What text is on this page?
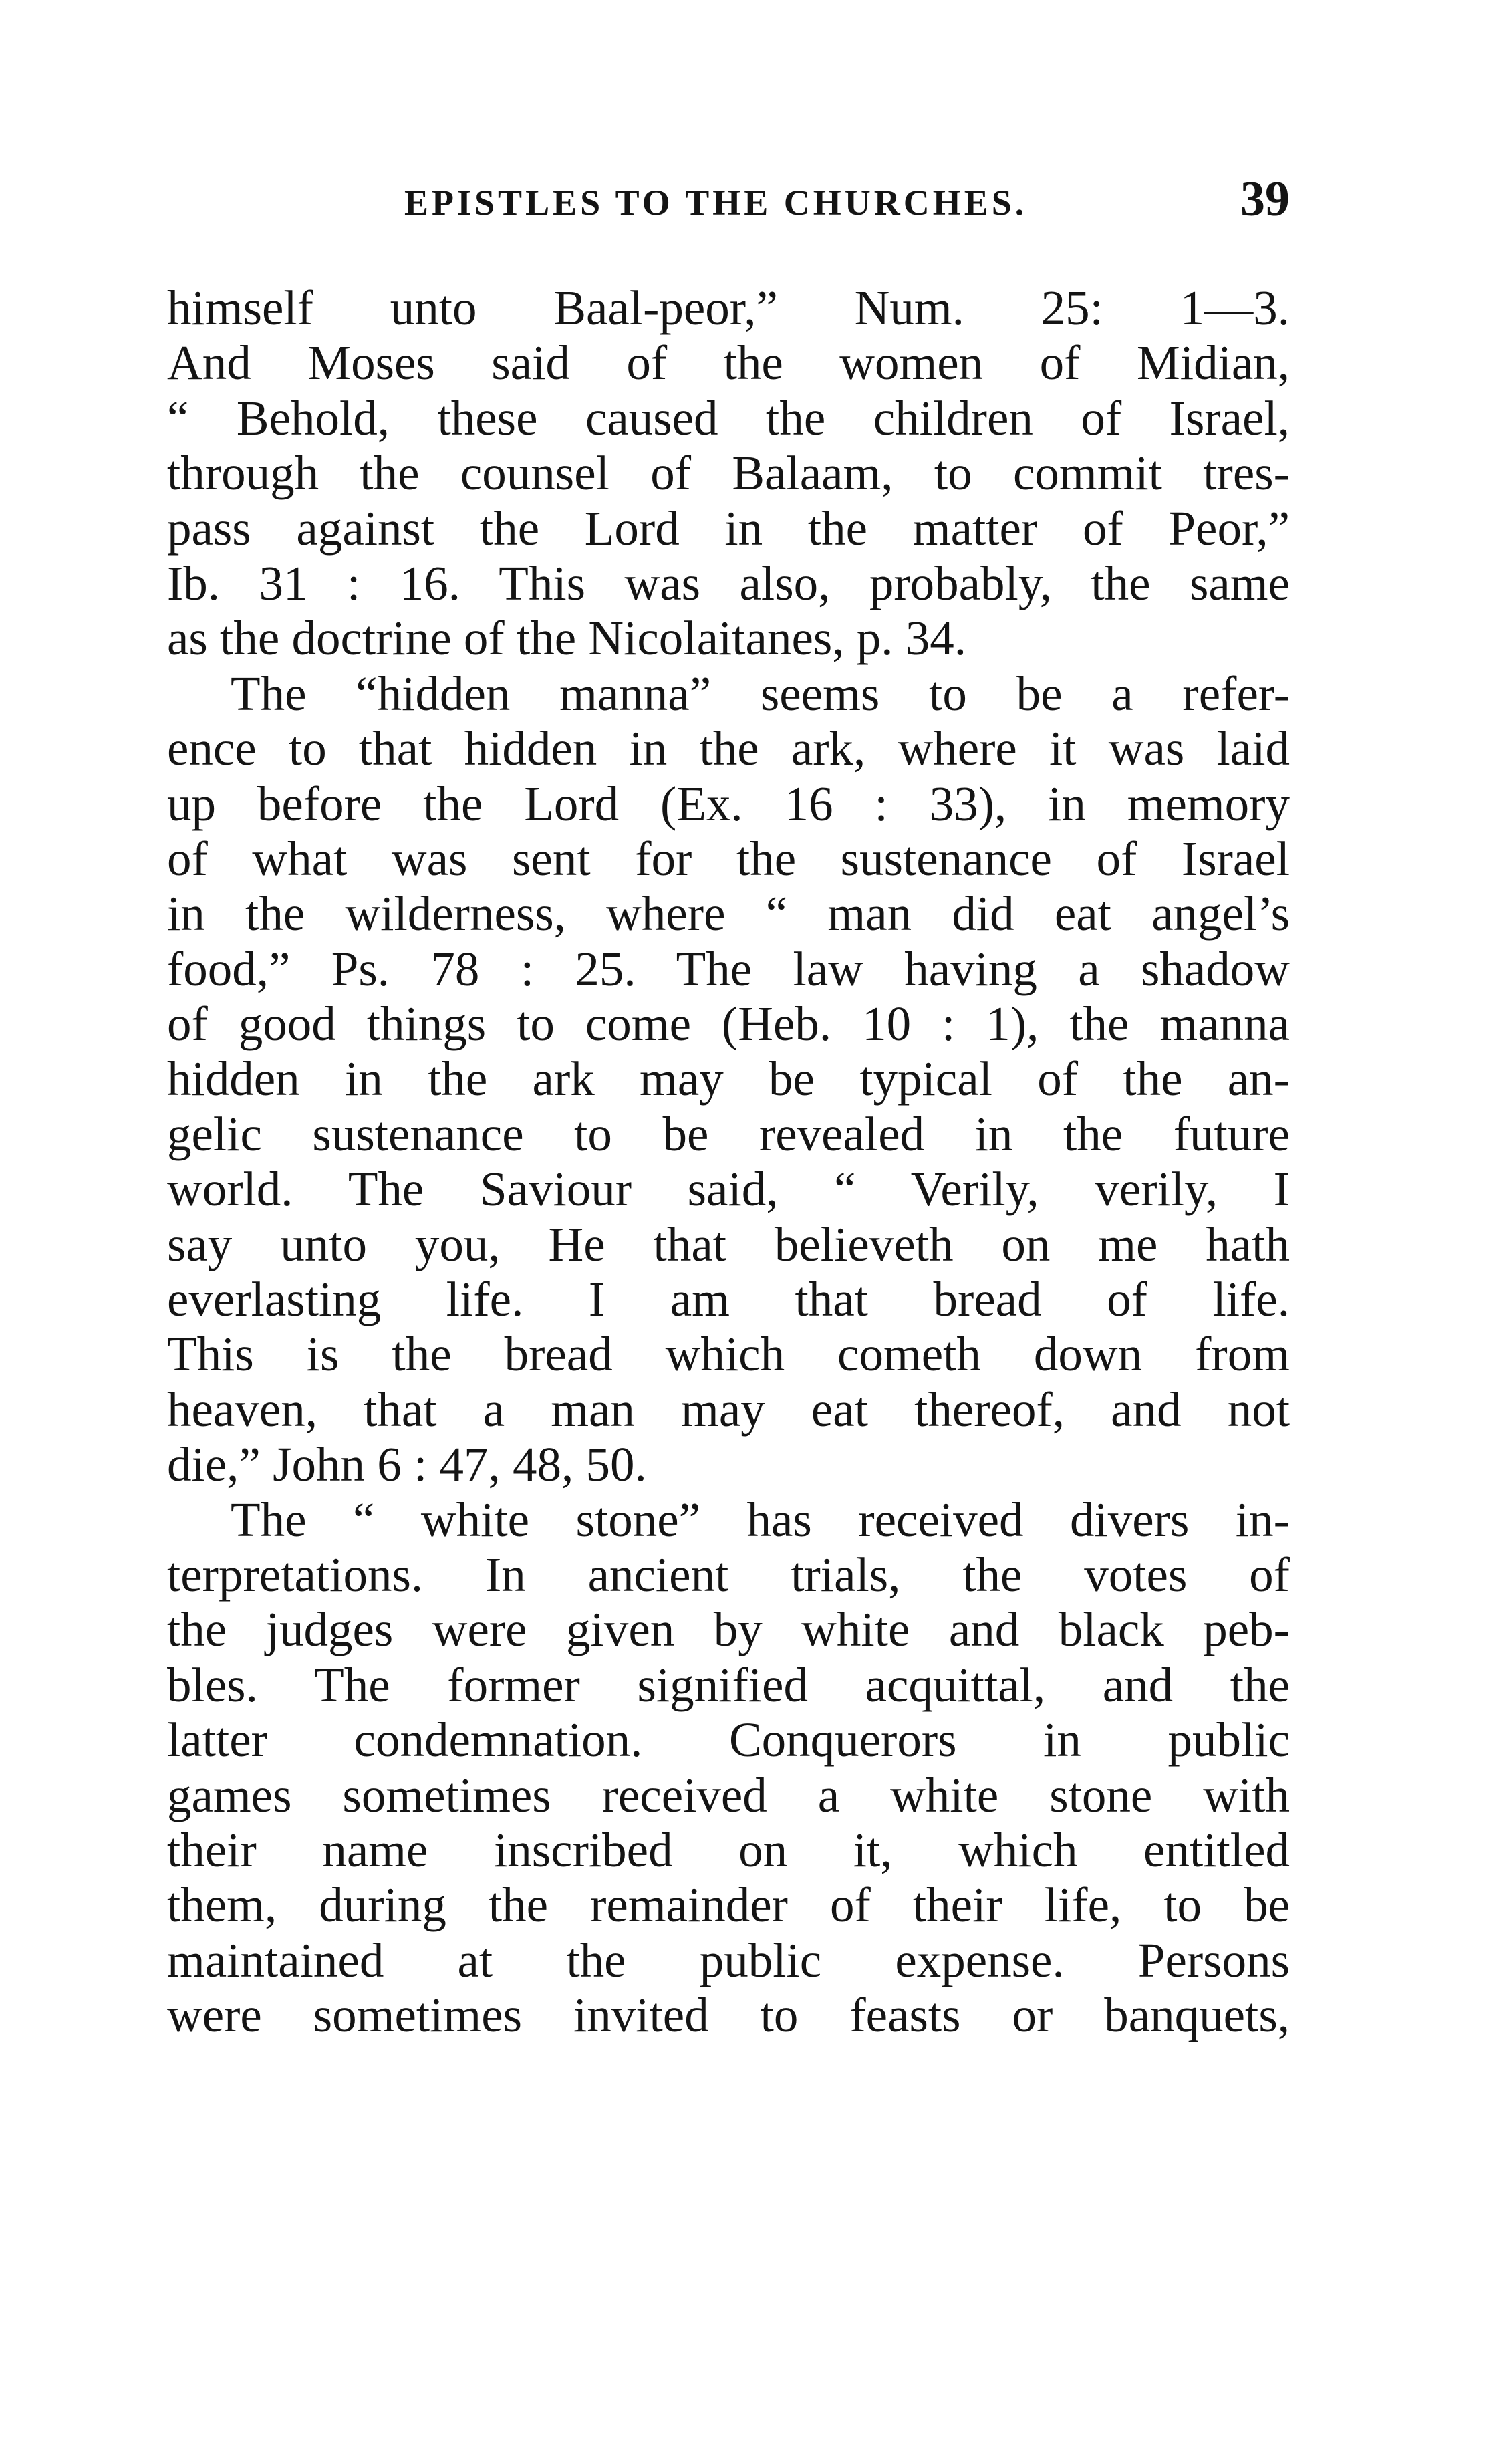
EPISTLES TO THE CHURCHES.	39
himself unto Baal-peor,” Num. 25: 1—3.
And Moses said of the women of Midian,
“ Behold, these caused the children of Israel,
through the counsel of Balaam, to commit tres-
pass against the Lord in the matter of Peor,”
Ib. 31 : 16. This was also, probably, the same
as the doctrine of the Nicolaitanes, p. 34.
The “hidden manna” seems to be a refer-
ence to that hidden in the ark, where it was laid
up before the Lord (Ex. 16 : 33), in memory
of what was sent for the sustenance of Israel
in the wilderness, where “ man did eat angel’s
food,” Ps. 78 : 25. The law having a shadow
of good things to come (Heb. 10 : 1), the manna
hidden in the ark may be typical of the an-
gelic sustenance to be revealed in the future
world. The Saviour said, “ Verily, verily, I
say unto you, He that believeth on me hath
everlasting life. I am that bread of life.
This is the bread which cometh down from
heaven, that a man may eat thereof, and not
die,” John 6 : 47, 48, 50.
The “ white stone” has received divers in-
terpretations. In ancient trials, the votes of
the judges were given by white and black peb-
bles. The former signified acquittal, and the
latter condemnation. Conquerors in public
games sometimes received a white stone with
their name inscribed on it, which entitled
them, during the remainder of their life, to be
maintained at the public expense. Persons
were sometimes invited to feasts or banquets,
